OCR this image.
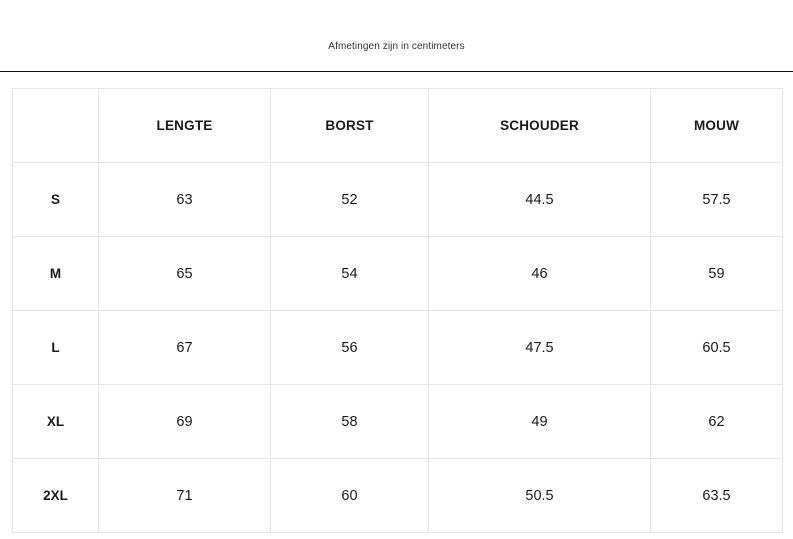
Afmetingen zijn in centimeters
	LENGTE	BORST	SCHOUDER	MOUW
S	63	52	44.5	57.5
M	65	54	46	59
L	67	56	47.5	60.5
XL	69	58	49	62
2XL	71	60	50.5	63.5
